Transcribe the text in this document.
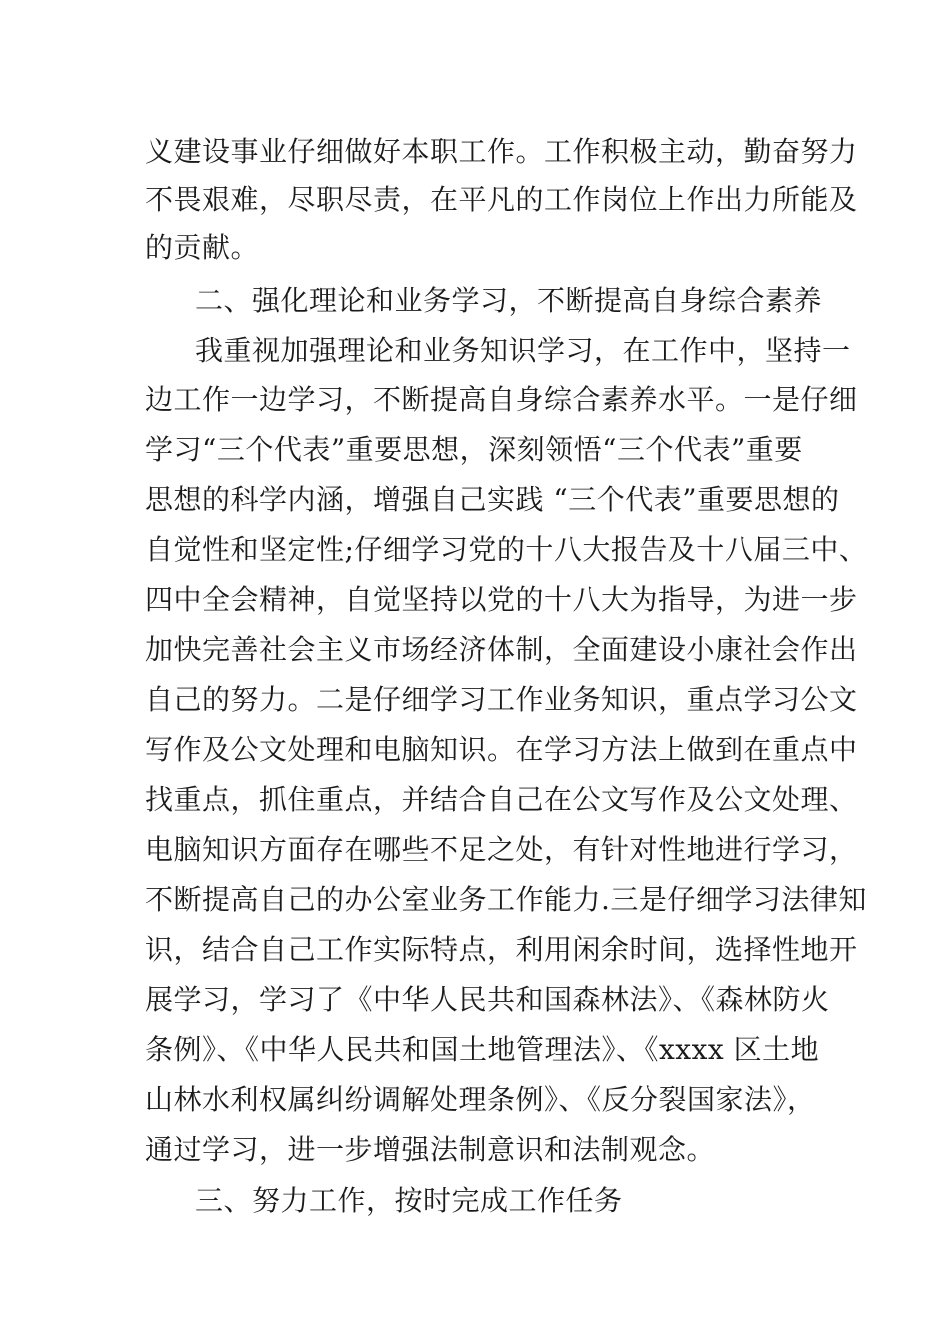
义建设事业仔细做好本职工作。工作积极主动，勤奋努力
不畏艰难，尽职尽责，在平凡的工作岗位上作出力所能及
的贡献。
二、强化理论和业务学习，不断提高自身综合素养
我重视加强理论和业务知识学习，在工作中，坚持一
边工作一边学习，不断提高自身综合素养水平。一是仔细
学习“三个代表”重要思想，深刻领悟“三个代表”重要
思想的科学内涵，增强自己实践 “三个代表”重要思想的
自觉性和坚定性;仔细学习党的十八大报告及十八届三中、
四中全会精神，自觉坚持以党的十八大为指导，为进一步
加快完善社会主义市场经济体制，全面建设小康社会作出
自己的努力。二是仔细学习工作业务知识，重点学习公文
写作及公文处理和电脑知识。在学习方法上做到在重点中
找重点，抓住重点，并结合自己在公文写作及公文处理、
电脑知识方面存在哪些不足之处，有针对性地进行学习，
不断提高自己的办公室业务工作能力.三是仔细学习法律知
识，结合自己工作实际特点，利用闲余时间，选择性地开
展学习，学习了《中华人民共和国森林法》、《森林防火
条例》、《中华人民共和国土地管理法》、《xxxx 区土地
山林水利权属纠纷调解处理条例》、《反分裂国家法》，
通过学习，进一步增强法制意识和法制观念。
三、努力工作，按时完成工作任务
